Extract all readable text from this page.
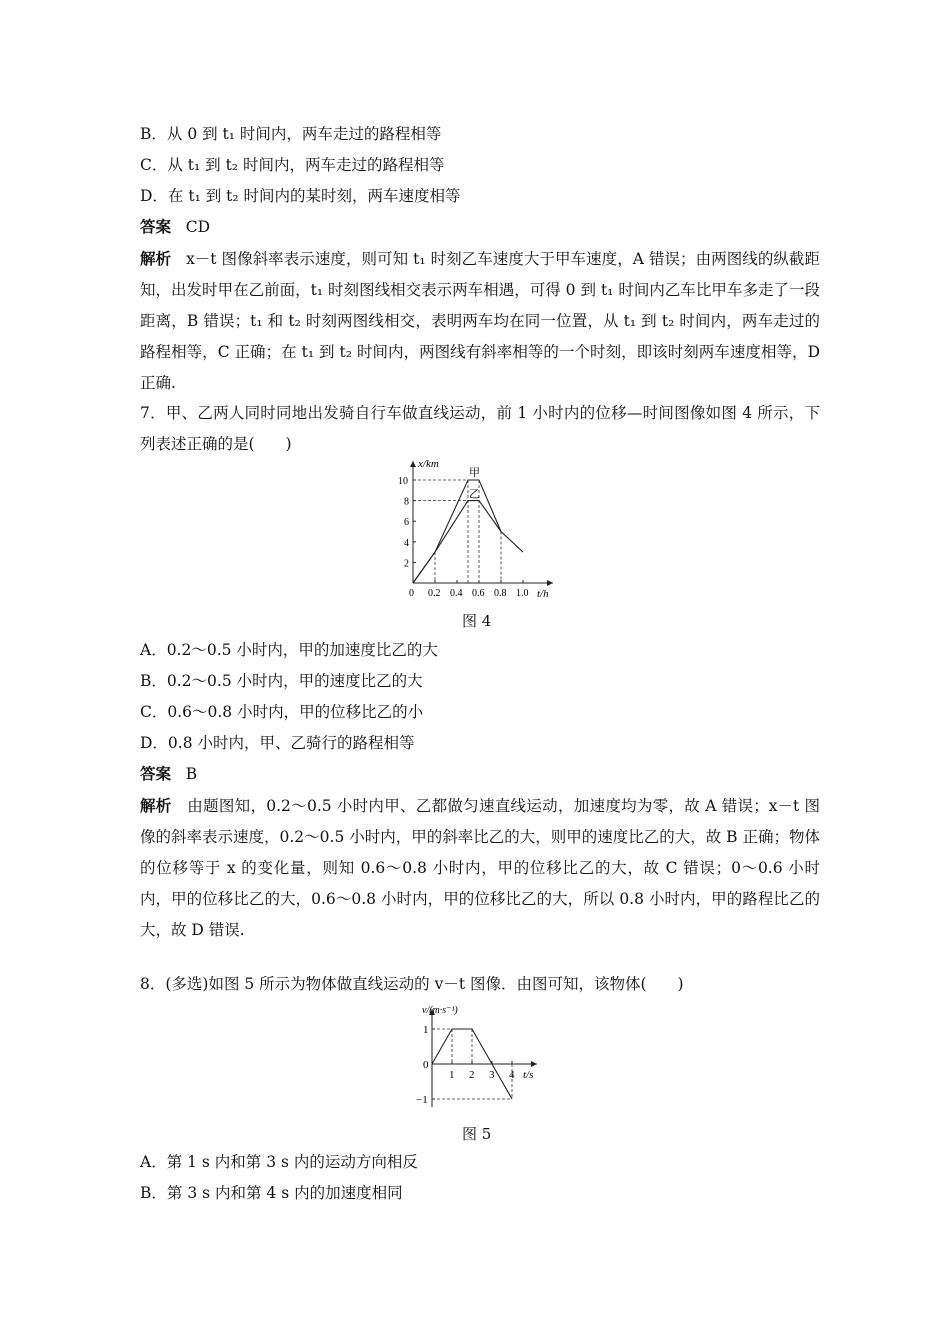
B．从 0 到 t₁ 时间内，两车走过的路程相等
C．从 t₁ 到 t₂ 时间内，两车走过的路程相等
D．在 t₁ 到 t₂ 时间内的某时刻，两车速度相等
答案 CD
解析 x－t 图像斜率表示速度，则可知 t₁ 时刻乙车速度大于甲车速度，A 错误；由两图线的纵截距知，出发时甲在乙前面，t₁ 时刻图线相交表示两车相遇，可得 0 到 t₁ 时间内乙车比甲车多走了一段距离，B 错误；t₁ 和 t₂ 时刻两图线相交，表明两车均在同一位置，从 t₁ 到 t₂ 时间内，两车走过的路程相等，C 正确；在 t₁ 到 t₂ 时间内，两图线有斜率相等的一个时刻，即该时刻两车速度相等，D 正确.
7．甲、乙两人同时同地出发骑自行车做直线运动，前 1 小时内的位移—时间图像如图 4 所示，下列表述正确的是(　　)
x/km
t/h
0 0.2 0.4 0.6 0.8 1.0
2
4
6
8
10
甲
乙
图 4
A．0.2～0.5 小时内，甲的加速度比乙的大
B．0.2～0.5 小时内，甲的速度比乙的大
C．0.6～0.8 小时内，甲的位移比乙的小
D．0.8 小时内，甲、乙骑行的路程相等
答案 B
解析 由题图知，0.2～0.5 小时内甲、乙都做匀速直线运动，加速度均为零，故 A 错误；x－t 图像的斜率表示速度，0.2～0.5 小时内，甲的斜率比乙的大，则甲的速度比乙的大，故 B 正确；物体的位移等于 x 的变化量，则知 0.6～0.8 小时内，甲的位移比乙的大，故 C 错误；0～0.6 小时内，甲的位移比乙的大，0.6～0.8 小时内，甲的位移比乙的大，所以 0.8 小时内，甲的路程比乙的大，故 D 错误.
8．(多选)如图 5 所示为物体做直线运动的 v－t 图像．由图可知，该物体(　　)
v/(m·s⁻¹)
t/s
1 2 3 4
1
0
−1
图 5
A．第 1 s 内和第 3 s 内的运动方向相反
B．第 3 s 内和第 4 s 内的加速度相同
